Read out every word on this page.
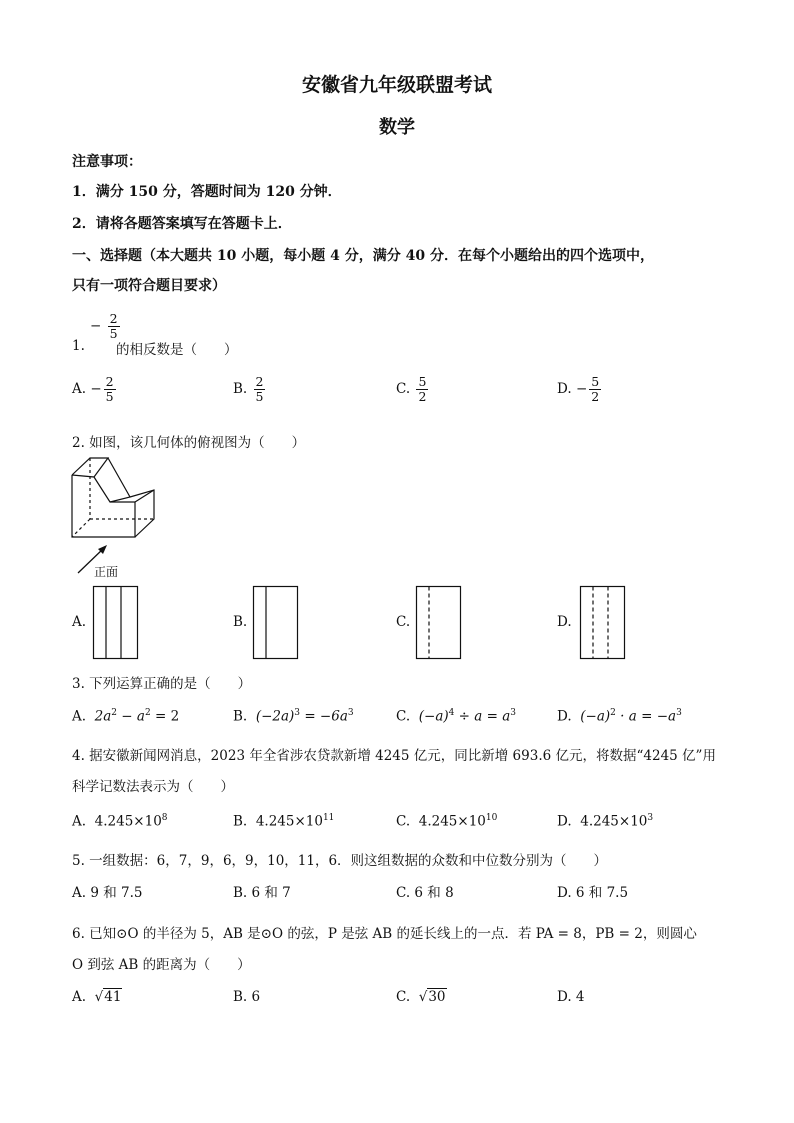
安徽省九年级联盟考试
数学
注意事项：
1．满分 150 分，答题时间为 120 分钟．
2．请将各题答案填写在答题卡上．
一、选择题（本大题共 10 小题，每小题 4 分，满分 40 分．在每个小题给出的四个选项中，
只有一项符合题目要求）
1.
− $\frac{2}{5}$
的相反数是（　　）
A. − $\frac{2}{5}$	B. $\frac{2}{5}$	C. $\frac{5}{2}$	D. − $\frac{5}{2}$
2. 如图，该几何体的俯视图为（　　）
正面
A.	B.	C.	D.
3. 下列运算正确的是（　　）
A. $2a^2 - a^2 = 2$	B. $(-2a)^3 = -6a^3$	C. $(-a)^4 \div a = a^3$	D. $(-a)^2 \cdot a = -a^3$
4. 据安徽新闻网消息，2023 年全省涉农贷款新增 4245 亿元，同比新增 693.6 亿元，将数据“4245 亿”用
科学记数法表示为（　　）
A. $4.245\times 10^8$	B. $4.245\times 10^{11}$	C. $4.245\times 10^{10}$	D. $4.245\times 10^3$
5. 一组数据：6，7，9，6，9，10，11，6．则这组数据的众数和中位数分别为（　　）
A. 9 和 7.5	B. 6 和 7	C. 6 和 8	D. 6 和 7.5
6. 已知⊙O 的半径为 5，AB 是⊙O 的弦，P 是弦 AB 的延长线上的一点．若 PA = 8，PB = 2，则圆心
O 到弦 AB 的距离为（　　）
A. √41	B. 6	C. √30	D. 4
